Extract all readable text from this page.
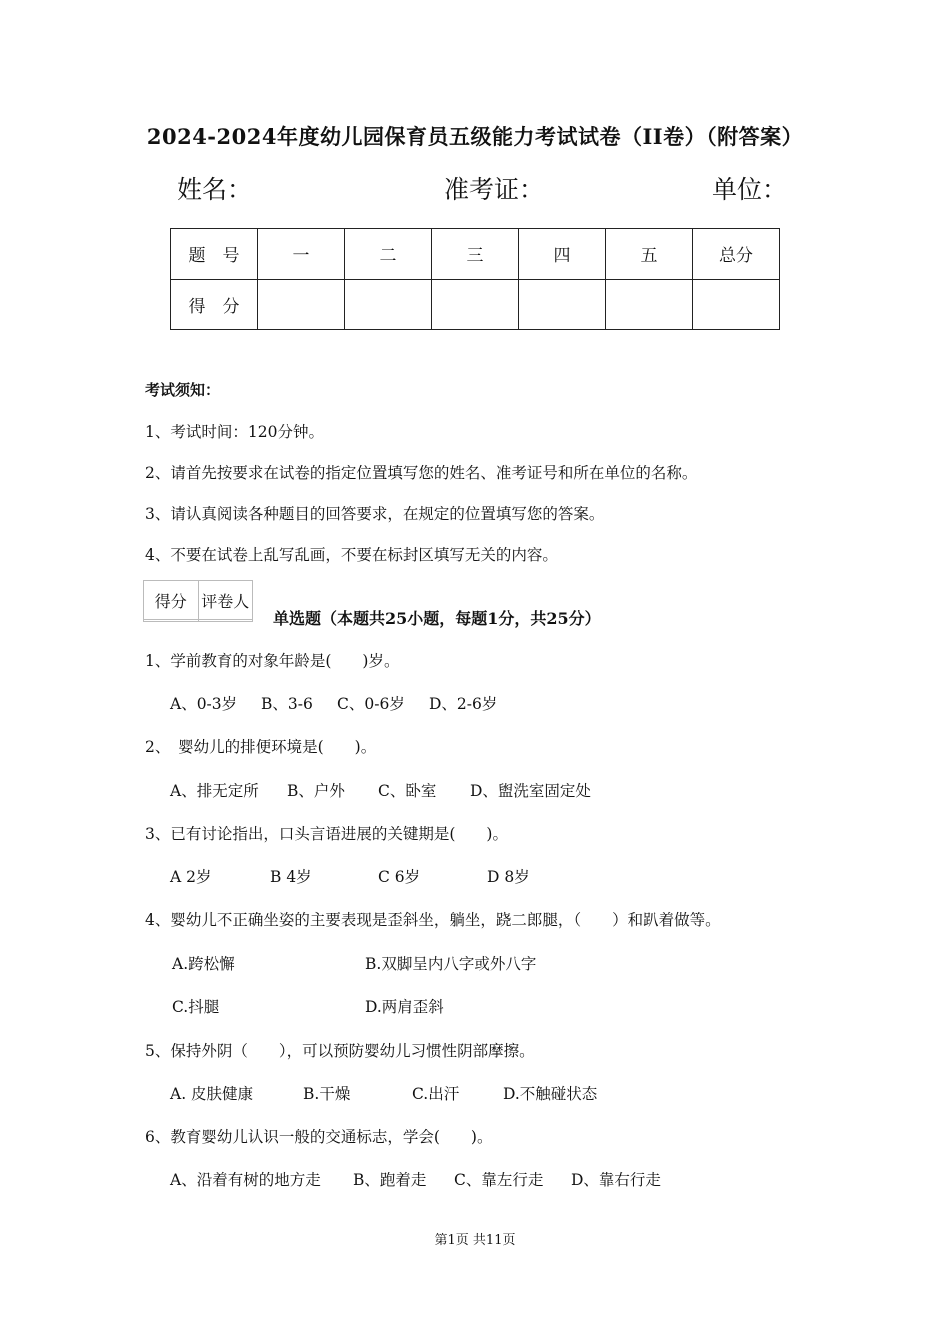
2024-2024年度幼儿园保育员五级能力考试试卷（II卷）（附答案）
姓名：	准考证：	单位：
题　号	一	二	三	四	五	总分
得　分						
考试须知：
1、考试时间：120分钟。
2、请首先按要求在试卷的指定位置填写您的姓名、准考证号和所在单位的名称。
3、请认真阅读各种题目的回答要求，在规定的位置填写您的答案。
4、不要在试卷上乱写乱画，不要在标封区填写无关的内容。
得分	评卷人

单选题（本题共25小题，每题1分，共25分）
1、学前教育的对象年龄是(　　)岁。
A、0-3岁 B、3-6 C、0-6岁 D、2-6岁
2、　婴幼儿的排便环境是(　　)。
A、排无定所 B、户外 C、卧室 D、盥洗室固定处
3、已有讨论指出，口头言语进展的关键期是(　　)。
A 2岁	B 4岁	C 6岁	D 8岁
4、婴幼儿不正确坐姿的主要表现是歪斜坐，躺坐，跷二郎腿，（　　）和趴着做等。
A.跨松懈	B.双脚呈内八字或外八字
C.抖腿	D.两肩歪斜
5、保持外阴（　　），可以预防婴幼儿习惯性阴部摩擦。
A. 皮肤健康	B.干燥	C.出汗	D.不触碰状态
6、教育婴幼儿认识一般的交通标志，学会(　　)。
A、沿着有树的地方走 B、跑着走 C、靠左行走 D、靠右行走
第1页 共11页
